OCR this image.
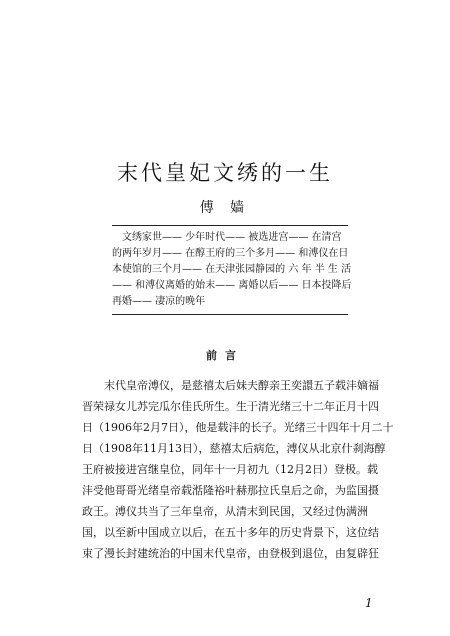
末代皇妃文绣的一生
傅 嫱
文绣家世—— 少年时代—— 被选进宫—— 在清宫
的两年岁月—— 在醇王府的三个多月—— 和溥仪在日
本使馆的三个月—— 在天津张园静园的 六 年 半 生 活
—— 和溥仪离婚的始末—— 离婚以后—— 日本投降后
再婚—— 凄凉的晚年
前言
末代皇帝溥仪，是慈禧太后妹夫醇亲王奕譞五子载沣嫡福
晋荣禄女儿苏完瓜尔佳氏所生。生于清光绪三十二年正月十四
日（1906年2月7日），他是载沣的长子。光绪三十四年十月二十
日（1908年11月13日），慈禧太后病危，溥仪从北京什刹海醇
王府被接进宫继皇位，同年十一月初九（12月2日）登极。载
沣受他哥哥光绪皇帝载湉隆裕叶赫那拉氏皇后之命，为监国摄
政王。溥仪共当了三年皇帝，从清末到民国，又经过伪满洲
国，以至新中国成立以后，在五十多年的历史背景下，这位结
束了漫长封建统治的中国末代皇帝，由登极到退位，由复辟狂
1
